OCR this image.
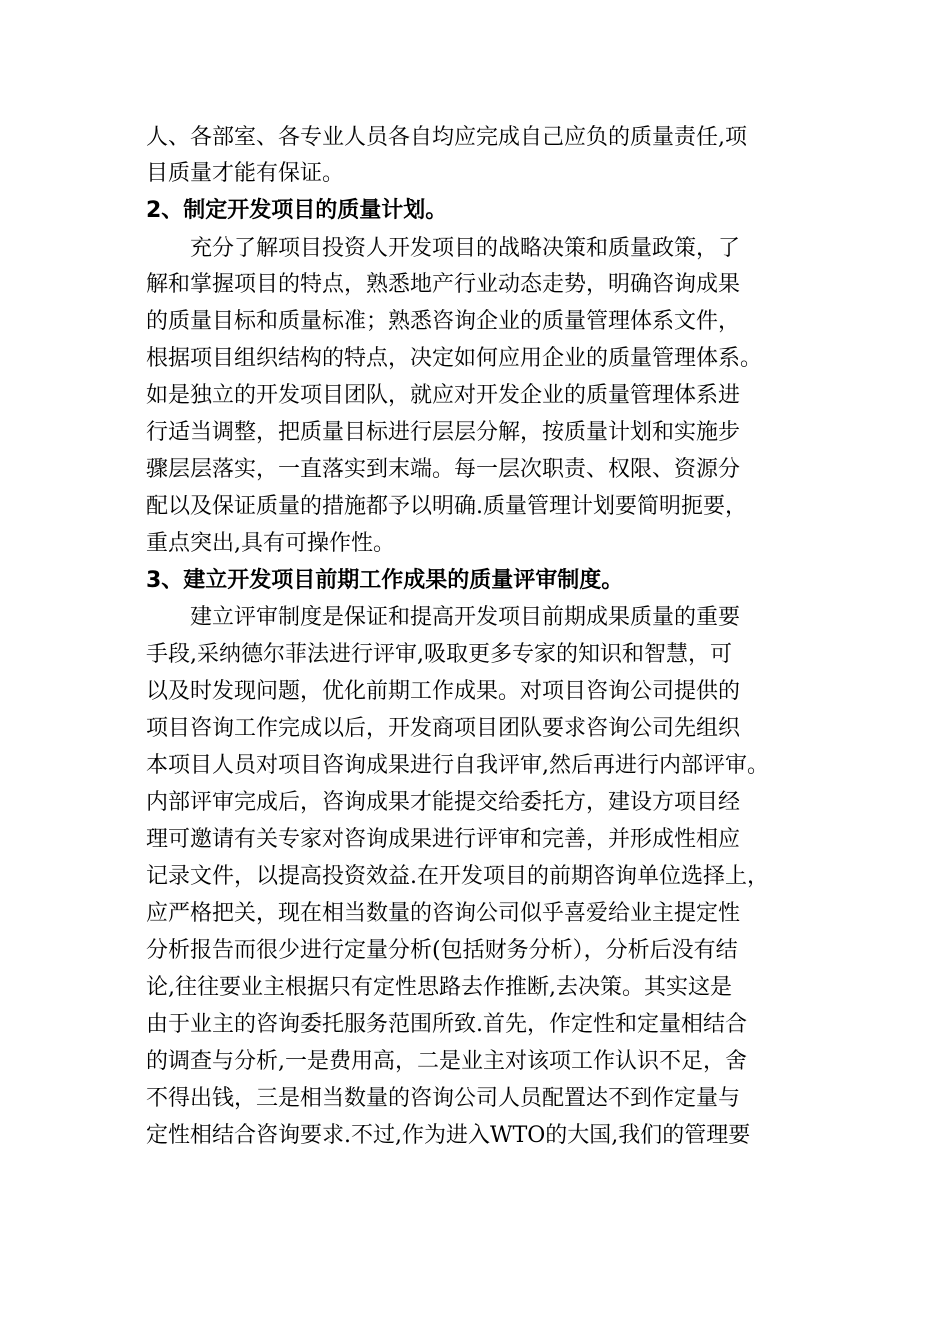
人、各部室、各专业人员各自均应完成自己应负的质量责任,项
目质量才能有保证。
2、制定开发项目的质量计划。
充分了解项目投资人开发项目的战略决策和质量政策，了
解和掌握项目的特点，熟悉地产行业动态走势，明确咨询成果
的质量目标和质量标准；熟悉咨询企业的质量管理体系文件，
根据项目组织结构的特点，决定如何应用企业的质量管理体系。
如是独立的开发项目团队，就应对开发企业的质量管理体系进
行适当调整，把质量目标进行层层分解，按质量计划和实施步
骤层层落实，一直落实到末端。每一层次职责、权限、资源分
配以及保证质量的措施都予以明确.质量管理计划要简明扼要，
重点突出,具有可操作性。
3、建立开发项目前期工作成果的质量评审制度。
建立评审制度是保证和提高开发项目前期成果质量的重要
手段,采纳德尔菲法进行评审,吸取更多专家的知识和智慧，可
以及时发现问题，优化前期工作成果。对项目咨询公司提供的
项目咨询工作完成以后，开发商项目团队要求咨询公司先组织
本项目人员对项目咨询成果进行自我评审,然后再进行内部评审。
内部评审完成后，咨询成果才能提交给委托方，建设方项目经
理可邀请有关专家对咨询成果进行评审和完善，并形成性相应
记录文件，以提高投资效益.在开发项目的前期咨询单位选择上，
应严格把关，现在相当数量的咨询公司似乎喜爱给业主提定性
分析报告而很少进行定量分析(包括财务分析），分析后没有结
论,往往要业主根据只有定性思路去作推断,去决策。其实这是
由于业主的咨询委托服务范围所致.首先，作定性和定量相结合
的调查与分析,一是费用高，二是业主对该项工作认识不足，舍
不得出钱，三是相当数量的咨询公司人员配置达不到作定量与
定性相结合咨询要求.不过,作为进入WTO的大国,我们的管理要
